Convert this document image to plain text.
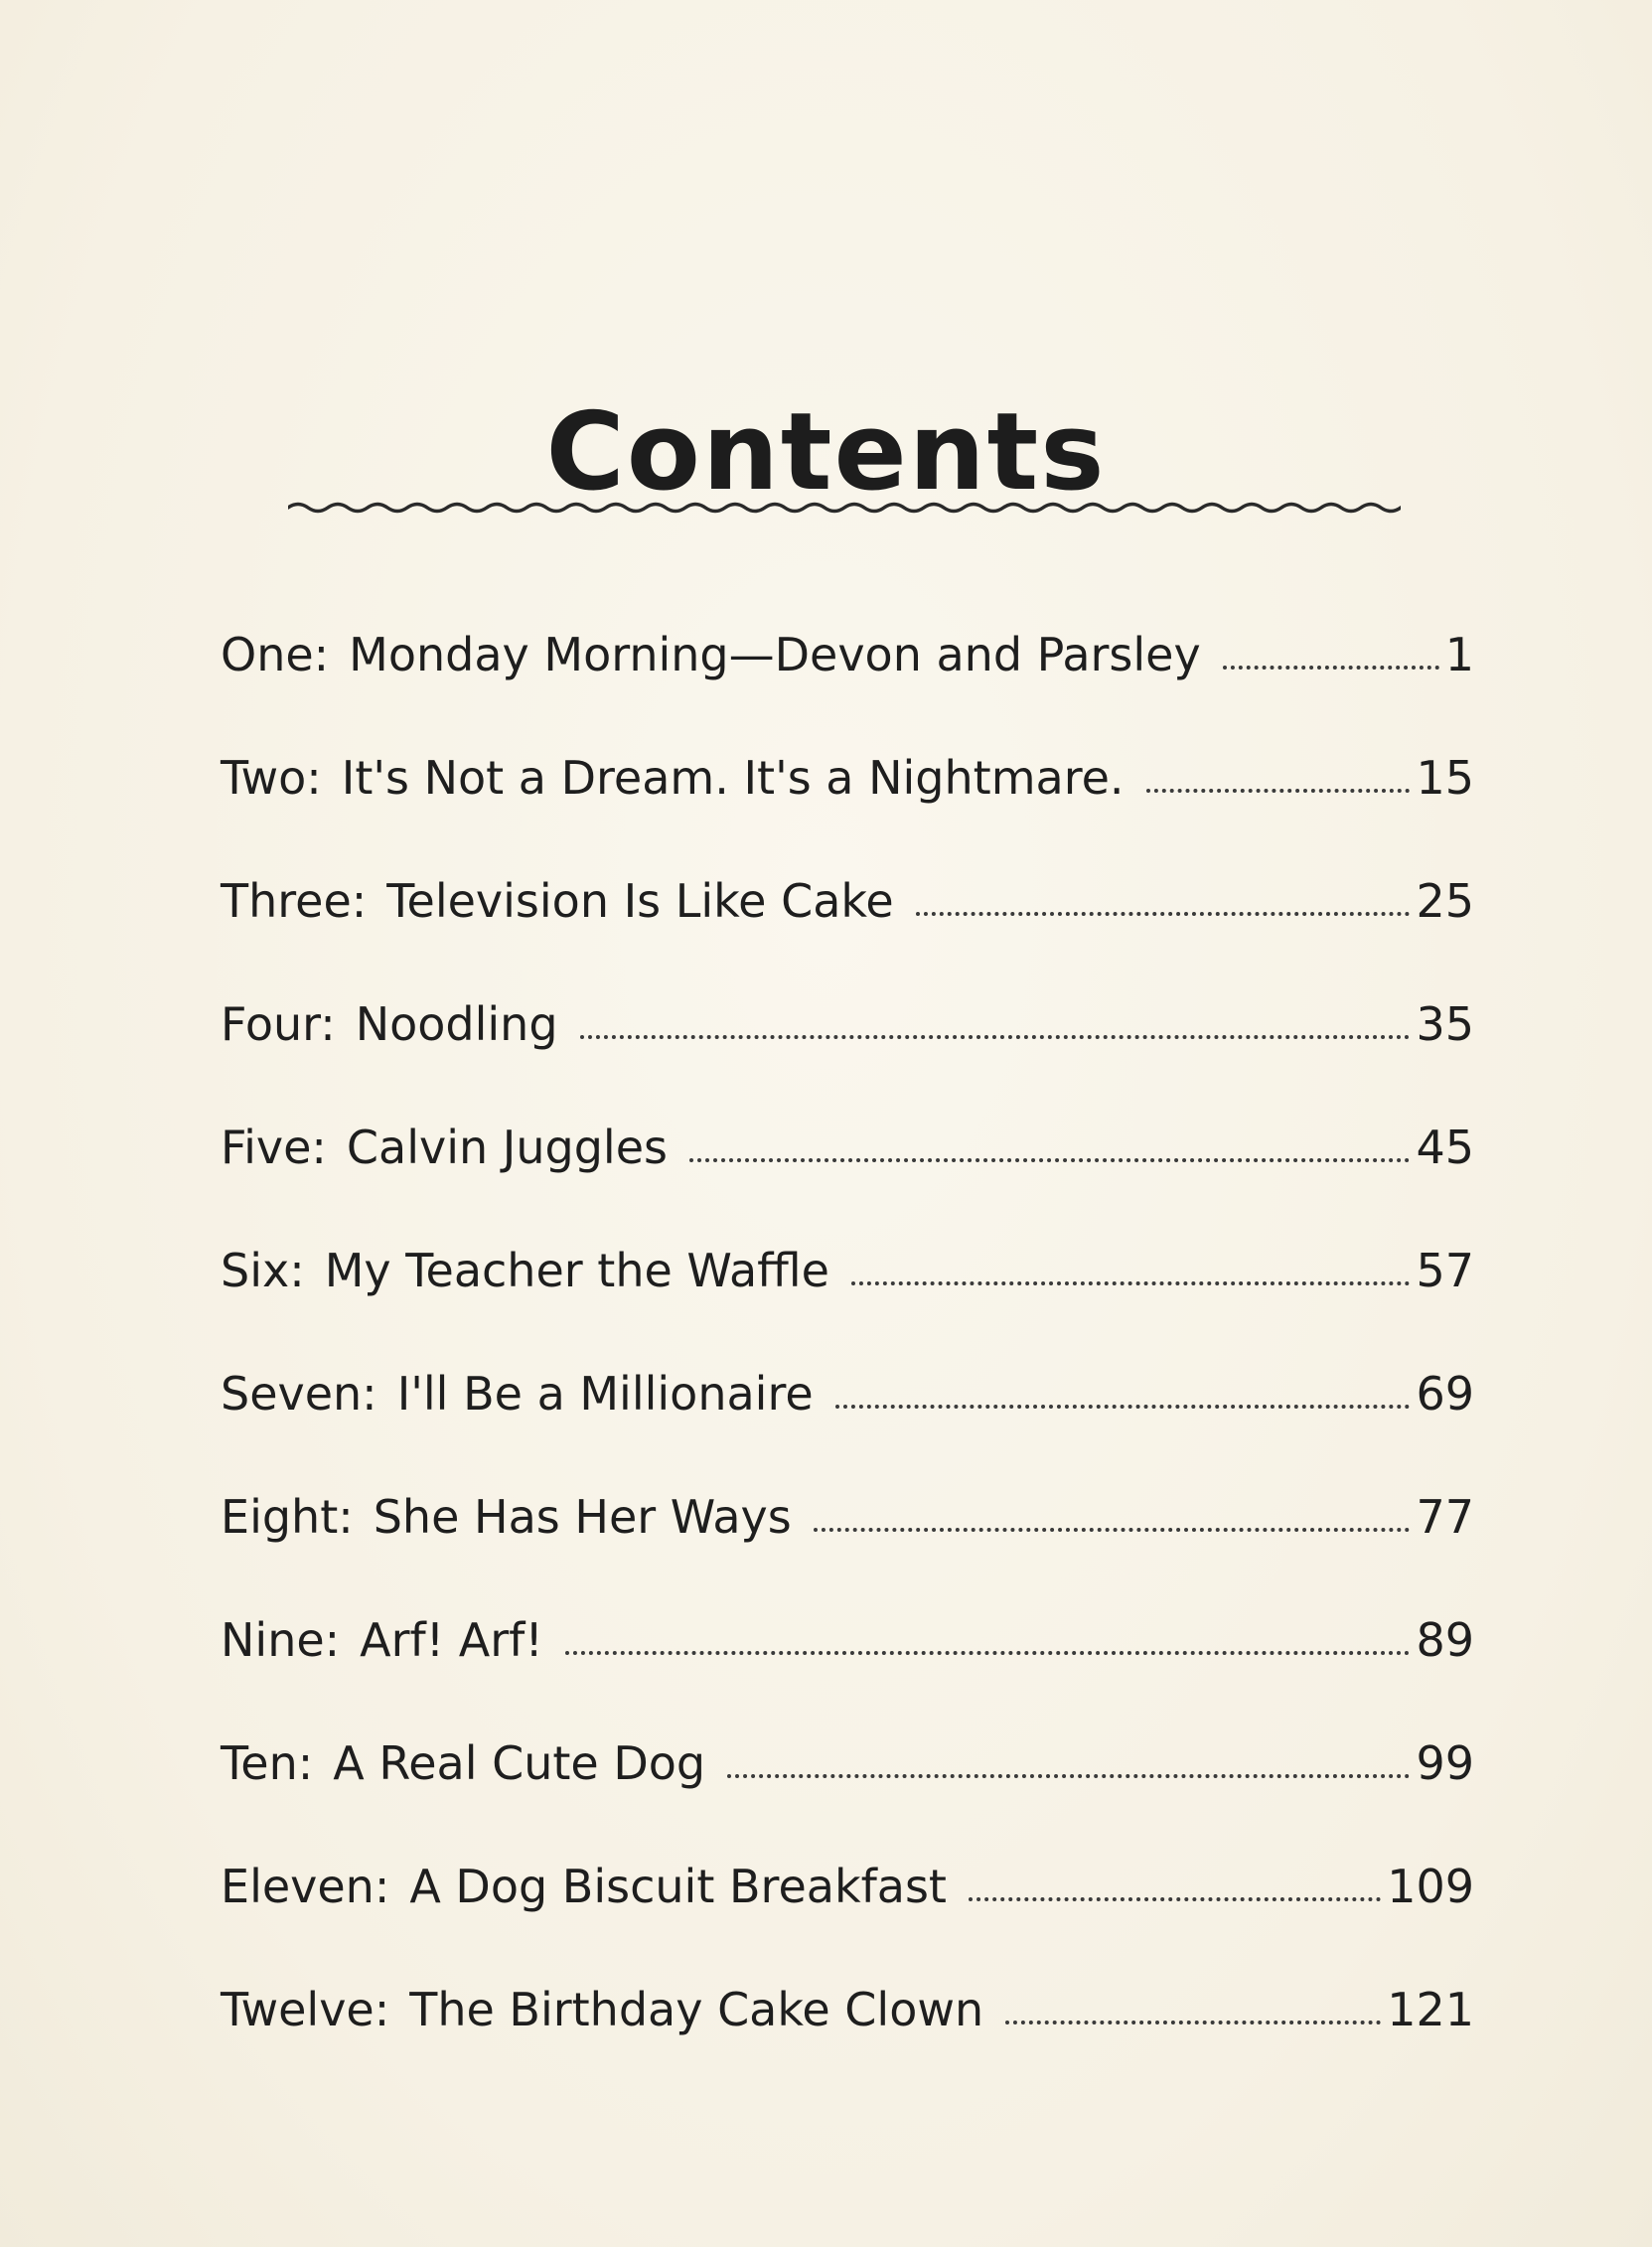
Contents
One: Monday Morning—Devon and Parsley	1
Two: It's Not a Dream. It's a Nightmare.	15
Three: Television Is Like Cake	25
Four: Noodling	35
Five: Calvin Juggles	45
Six: My Teacher the Waffle	57
Seven: I'll Be a Millionaire	69
Eight: She Has Her Ways	77
Nine: Arf! Arf!	89
Ten: A Real Cute Dog	99
Eleven: A Dog Biscuit Breakfast	109
Twelve: The Birthday Cake Clown	121
